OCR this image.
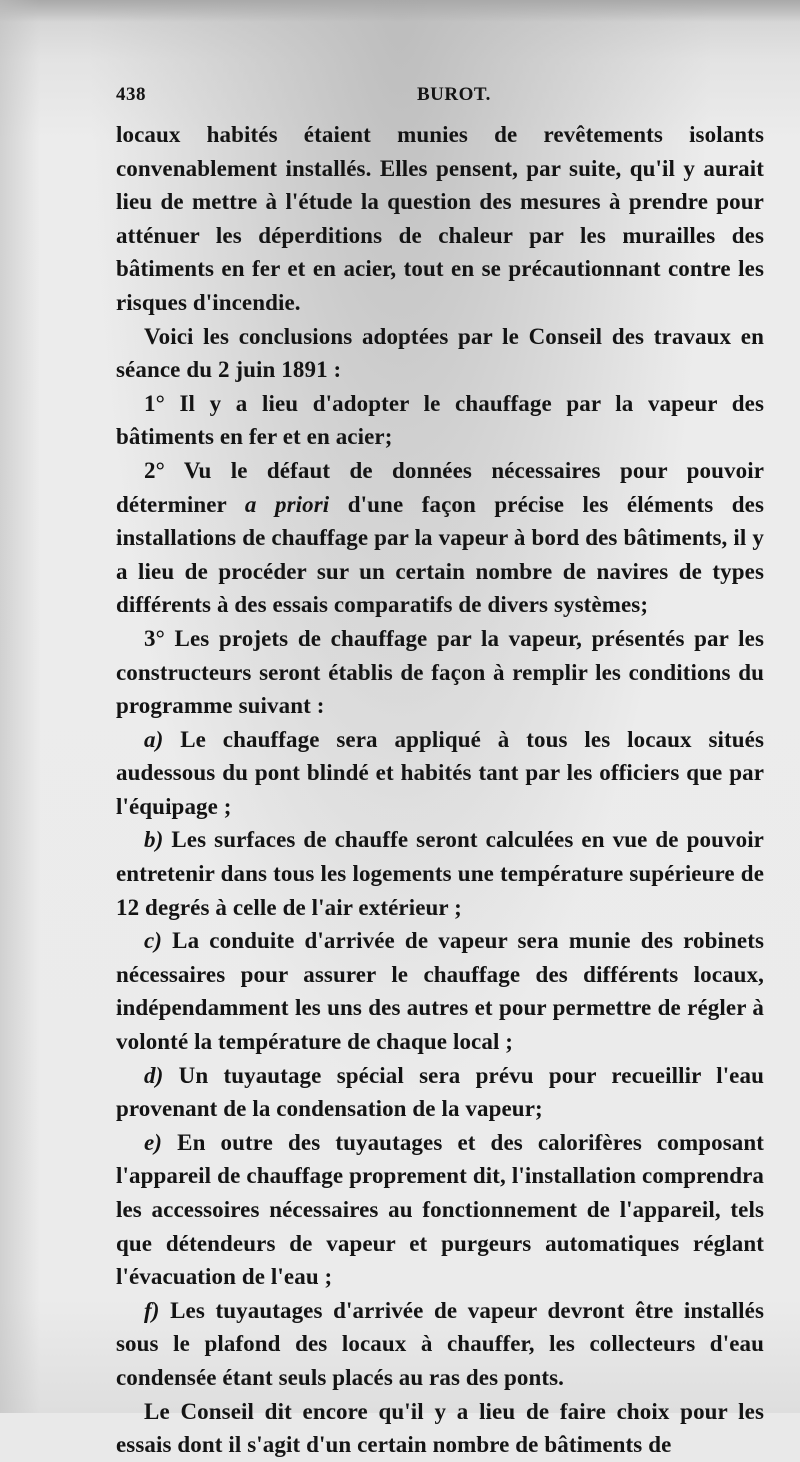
438	BUROT.

locaux habités étaient munies de revêtements isolants convenablement installés. Elles pensent, par suite, qu'il y aurait lieu de mettre à l'étude la question des mesures à prendre pour atténuer les déperditions de chaleur par les murailles des bâtiments en fer et en acier, tout en se précautionnant contre les risques d'incendie.

Voici les conclusions adoptées par le Conseil des travaux en séance du 2 juin 1891 :

1° Il y a lieu d'adopter le chauffage par la vapeur des bâtiments en fer et en acier;

2° Vu le défaut de données nécessaires pour pouvoir déterminer a priori d'une façon précise les éléments des installations de chauffage par la vapeur à bord des bâtiments, il y a lieu de procéder sur un certain nombre de navires de types différents à des essais comparatifs de divers systèmes;

3° Les projets de chauffage par la vapeur, présentés par les constructeurs seront établis de façon à remplir les conditions du programme suivant :

a) Le chauffage sera appliqué à tous les locaux situés audessous du pont blindé et habités tant par les officiers que par l'équipage ;

b) Les surfaces de chauffe seront calculées en vue de pouvoir entretenir dans tous les logements une température supérieure de 12 degrés à celle de l'air extérieur ;

c) La conduite d'arrivée de vapeur sera munie des robinets nécessaires pour assurer le chauffage des différents locaux, indépendamment les uns des autres et pour permettre de régler à volonté la température de chaque local ;

d) Un tuyautage spécial sera prévu pour recueillir l'eau provenant de la condensation de la vapeur;

e) En outre des tuyautages et des calorifères composant l'appareil de chauffage proprement dit, l'installation comprendra les accessoires nécessaires au fonctionnement de l'appareil, tels que détendeurs de vapeur et purgeurs automatiques réglant l'évacuation de l'eau ;

f) Les tuyautages d'arrivée de vapeur devront être installés sous le plafond des locaux à chauffer, les collecteurs d'eau condensée étant seuls placés au ras des ponts.

Le Conseil dit encore qu'il y a lieu de faire choix pour les essais dont il s'agit d'un certain nombre de bâtiments de
